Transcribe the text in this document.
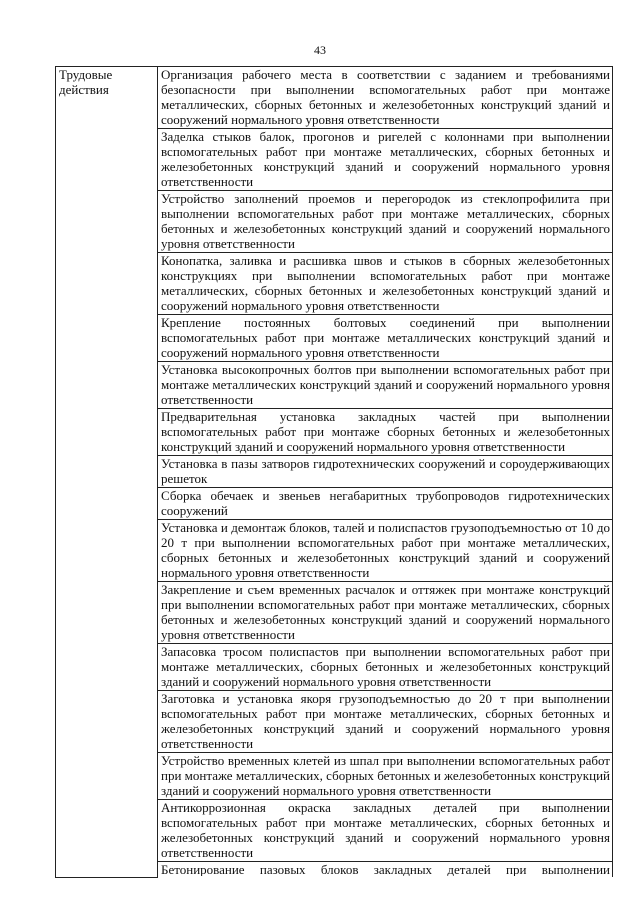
43
Трудовые действия	
Организация рабочего места в соответствии с заданием и требованиями безопасности при выполнении вспомогательных работ при монтаже металлических, сборных бетонных и железобетонных конструкций зданий и сооружений нормального уровня ответственности

Заделка стыков балок, прогонов и ригелей с колоннами при выполнении вспомогательных работ при монтаже металлических, сборных бетонных и железобетонных конструкций зданий и сооружений нормального уровня ответственности

Устройство заполнений проемов и перегородок из стеклопрофилита при выполнении вспомогательных работ при монтаже металлических, сборных бетонных и железобетонных конструкций зданий и сооружений нормального уровня ответственности

Конопатка, заливка и расшивка швов и стыков в сборных железобетонных конструкциях при выполнении вспомогательных работ при монтаже металлических, сборных бетонных и железобетонных конструкций зданий и сооружений нормального уровня ответственности

Крепление постоянных болтовых соединений при выполнении вспомогательных работ при монтаже металлических конструкций зданий и сооружений нормального уровня ответственности

Установка высокопрочных болтов при выполнении вспомогательных работ при монтаже металлических конструкций зданий и сооружений нормального уровня ответственности

Предварительная установка закладных частей при выполнении вспомогательных работ при монтаже сборных бетонных и железобетонных конструкций зданий и сооружений нормального уровня ответственности

Установка в пазы затворов гидротехнических сооружений и сороудерживающих решеток

Сборка обечаек и звеньев негабаритных трубопроводов гидротехнических сооружений

Установка и демонтаж блоков, талей и полиспастов грузоподъемностью от 10 до 20 т при выполнении вспомогательных работ при монтаже металлических, сборных бетонных и железобетонных конструкций зданий и сооружений нормального уровня ответственности

Закрепление и съем временных расчалок и оттяжек при монтаже конструкций при выполнении вспомогательных работ при монтаже металлических, сборных бетонных и железобетонных конструкций зданий и сооружений нормального уровня ответственности

Запасовка тросом полиспастов при выполнении вспомогательных работ при монтаже металлических, сборных бетонных и железобетонных конструкций зданий и сооружений нормального уровня ответственности

Заготовка и установка якоря грузоподъемностью до 20 т при выполнении вспомогательных работ при монтаже металлических, сборных бетонных и железобетонных конструкций зданий и сооружений нормального уровня ответственности

Устройство временных клетей из шпал при выполнении вспомогательных работ при монтаже металлических, сборных бетонных и железобетонных конструкций зданий и сооружений нормального уровня ответственности

Антикоррозионная окраска закладных деталей при выполнении вспомогательных работ при монтаже металлических, сборных бетонных и железобетонных конструкций зданий и сооружений нормального уровня ответственности

Бетонирование пазовых блоков закладных деталей при выполнении
